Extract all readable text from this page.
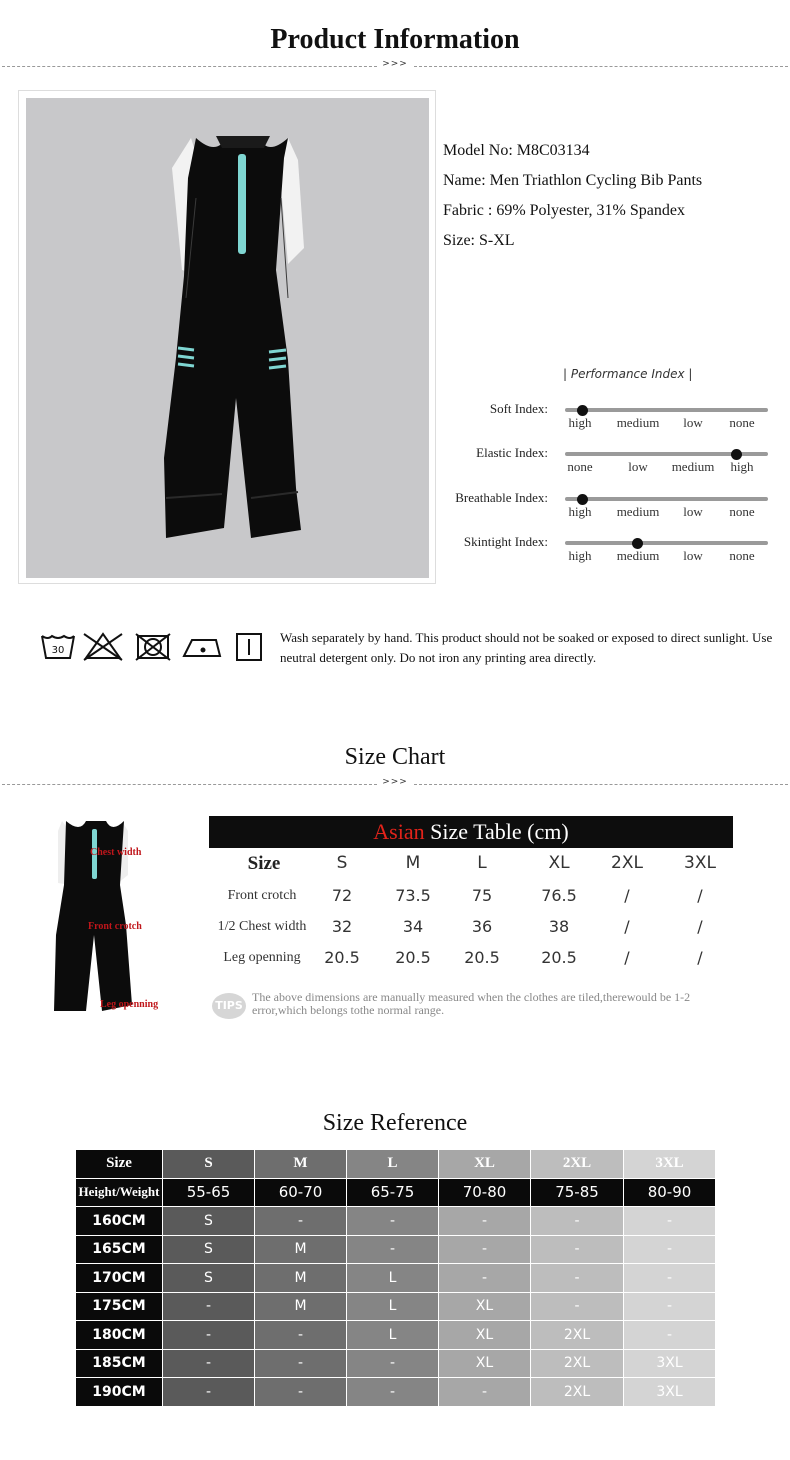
Product Information
>>>
Model No: M8C03134
Name: Men Triathlon Cycling Bib Pants
Fabric : 69% Polyester, 31% Spandex
Size: S-XL
| Performance Index |
Soft Index:
high medium low none
Elastic Index:
none	low medium high
Breathable Index:
high medium low none
Skintight Index:
high medium low none
30
Wash separately by hand. This product should not be soaked or exposed to direct sunlight. Use neutral detergent only. Do not iron any printing area directly.
Size Chart
>>>
Chest width
Front crotch
Leg openning
Asian Size Table (cm)
Size	S	M	L	XL 2XL 3XL
Front crotch 72	73.5	75	76.5	/	/
1/2 Chest width 32	34	36	38	/	/
Leg openning 20.5 20.5 20.5	20.5	/	/
TIPS
The above dimensions are manually measured when the clothes are tiled,therewould be 1-2 error,which belongs tothe normal range.
Size Reference
Size	S	M	L	XL	2XL	3XL
Height/Weight	55-65	60-70	65-75	70-80	75-85	80-90
160CM	S	-	-	-	-	-
165CM	S	M	-	-	-	-
170CM	S	M	L	-	-	-
175CM	-	M	L	XL	-	-
180CM	-	-	L	XL	2XL	-
185CM	-	-	-	XL	2XL	3XL
190CM	-	-	-	-	2XL	3XL
